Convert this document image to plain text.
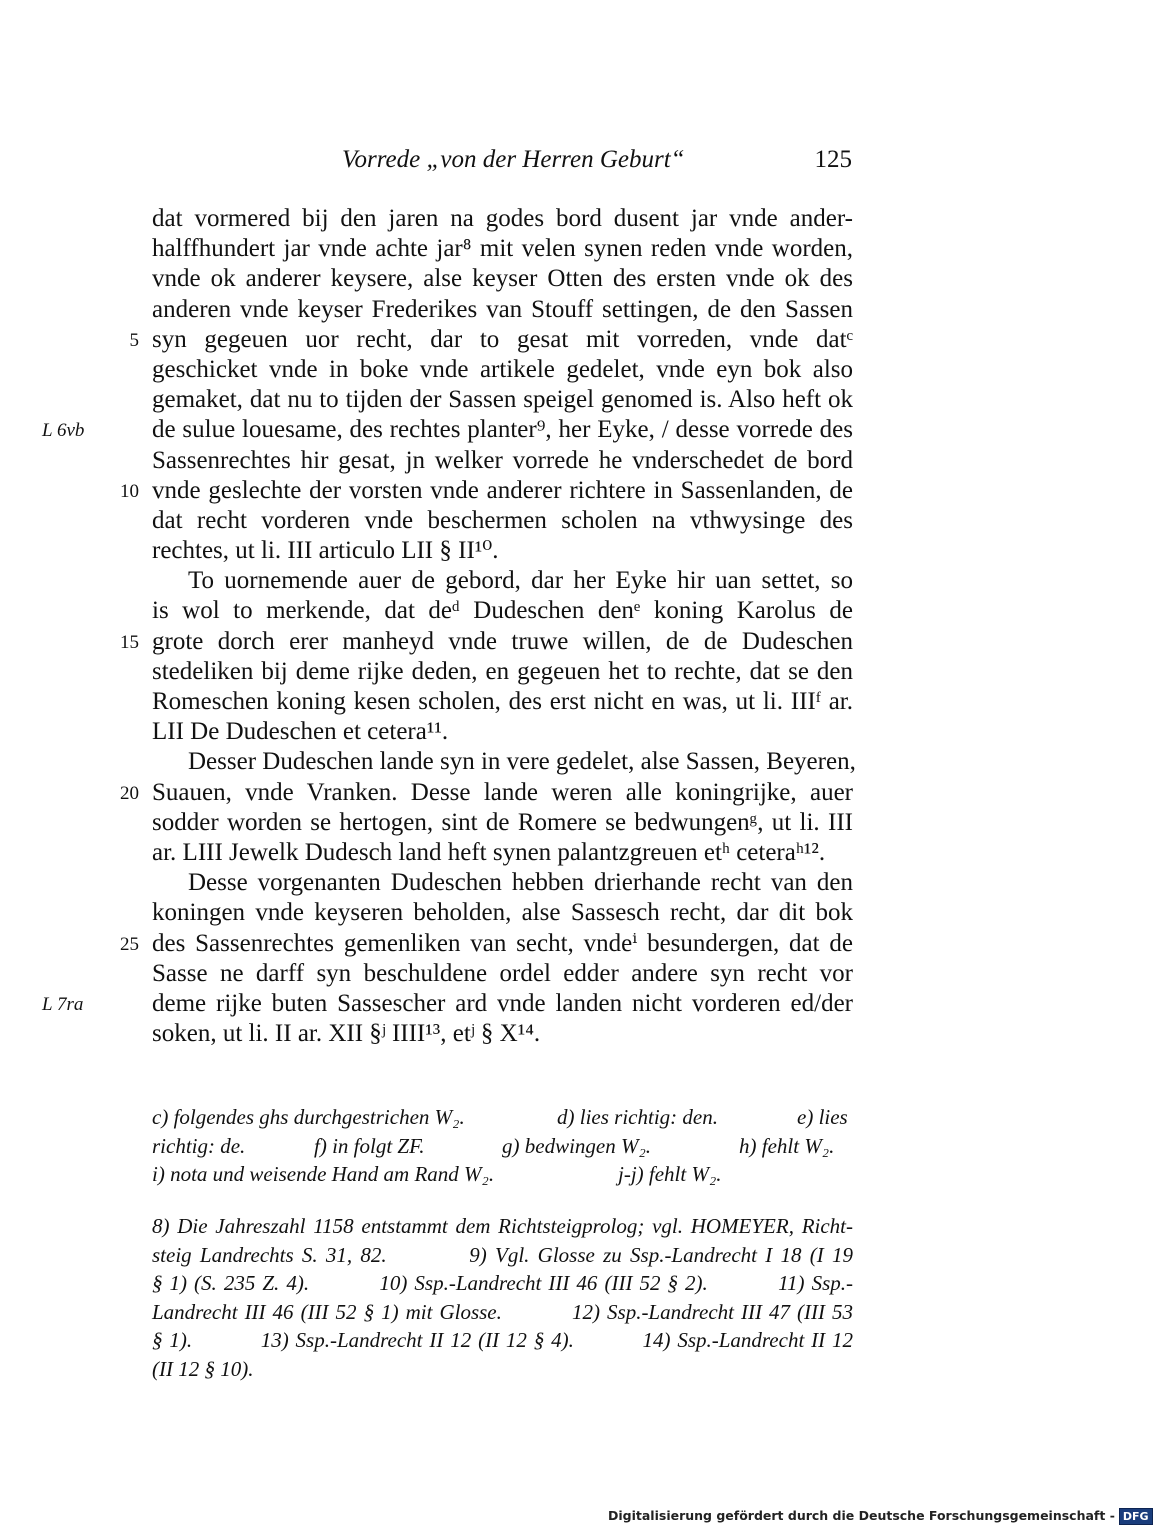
Vorrede „von der Herren Geburt“	125
dat vormered bij den jaren na godes bord dusent jar vnde ander-
halffhundert jar vnde achte jar⁸ mit velen synen reden vnde worden,
vnde ok anderer keysere, alse keyser Otten des ersten vnde ok des
anderen vnde keyser Frederikes van Stouff settingen, de den Sassen
syn gegeuen uor recht, dar to gesat mit vorreden, vnde datᶜ
5
geschicket vnde in boke vnde artikele gedelet, vnde eyn bok also
gemaket, dat nu to tijden der Sassen speigel genomed is. Also heft ok
de sulue louesame, des rechtes planter⁹, her Eyke, / desse vorrede des
L 6vb
Sassenrechtes hir gesat, jn welker vorrede he vnderschedet de bord
vnde geslechte der vorsten vnde anderer richtere in Sassenlanden, de
10
dat recht vorderen vnde beschermen scholen na vthwysinge des
rechtes, ut li. III articulo LII § II¹⁰.
To uornemende auer de gebord, dar her Eyke hir uan settet, so
is wol to merkende, dat deᵈ Dudeschen denᵉ koning Karolus de
grote dorch erer manheyd vnde truwe willen, de de Dudeschen
15
stedeliken bij deme rijke deden, en gegeuen het to rechte, dat se den
Romeschen koning kesen scholen, des erst nicht en was, ut li. IIIᶠ ar.
LII De Dudeschen et cetera¹¹.
Desser Dudeschen lande syn in vere gedelet, alse Sassen, Beyeren,
Suauen, vnde Vranken. Desse lande weren alle koningrijke, auer
20
sodder worden se hertogen, sint de Romere se bedwungenᵍ, ut li. III
ar. LIII Jewelk Dudesch land heft synen palantzgreuen etʰ ceteraʰ¹².
Desse vorgenanten Dudeschen hebben drierhande recht van den
koningen vnde keyseren beholden, alse Sassesch recht, dar dit bok
des Sassenrechtes gemenliken van secht, vndeⁱ besundergen, dat de
25
Sasse ne darff syn beschuldene ordel edder andere syn recht vor
deme rijke buten Sassescher ard vnde landen nicht vorderen ed/der
L 7ra
soken, ut li. II ar. XII §ʲ IIII¹³, etʲ § X¹⁴.
c) folgendes ghs durchgestrichen W₂.	d) lies richtig: den.	e) lies
richtig: de.	f) in folgt ZF.	g) bedwingen W₂.	h) fehlt W₂.
i) nota und weisende Hand am Rand W₂.	j-j) fehlt W₂.
8) Die Jahreszahl 1158 entstammt dem Richtsteigprolog; vgl. HOMEYER, Richt-
steig Landrechts S. 31, 82.          9) Vgl. Glosse zu Ssp.-Landrecht I 18 (I 19
§ 1) (S. 235 Z. 4).          10) Ssp.-Landrecht III 46 (III 52 § 2).          11) Ssp.-
Landrecht III 46 (III 52 § 1) mit Glosse.          12) Ssp.-Landrecht III 47 (III 53
§ 1).          13) Ssp.-Landrecht II 12 (II 12 § 4).          14) Ssp.-Landrecht II 12
(II 12 § 10).
Digitalisierung gefördert durch die Deutsche Forschungsgemeinschaft - DFG
